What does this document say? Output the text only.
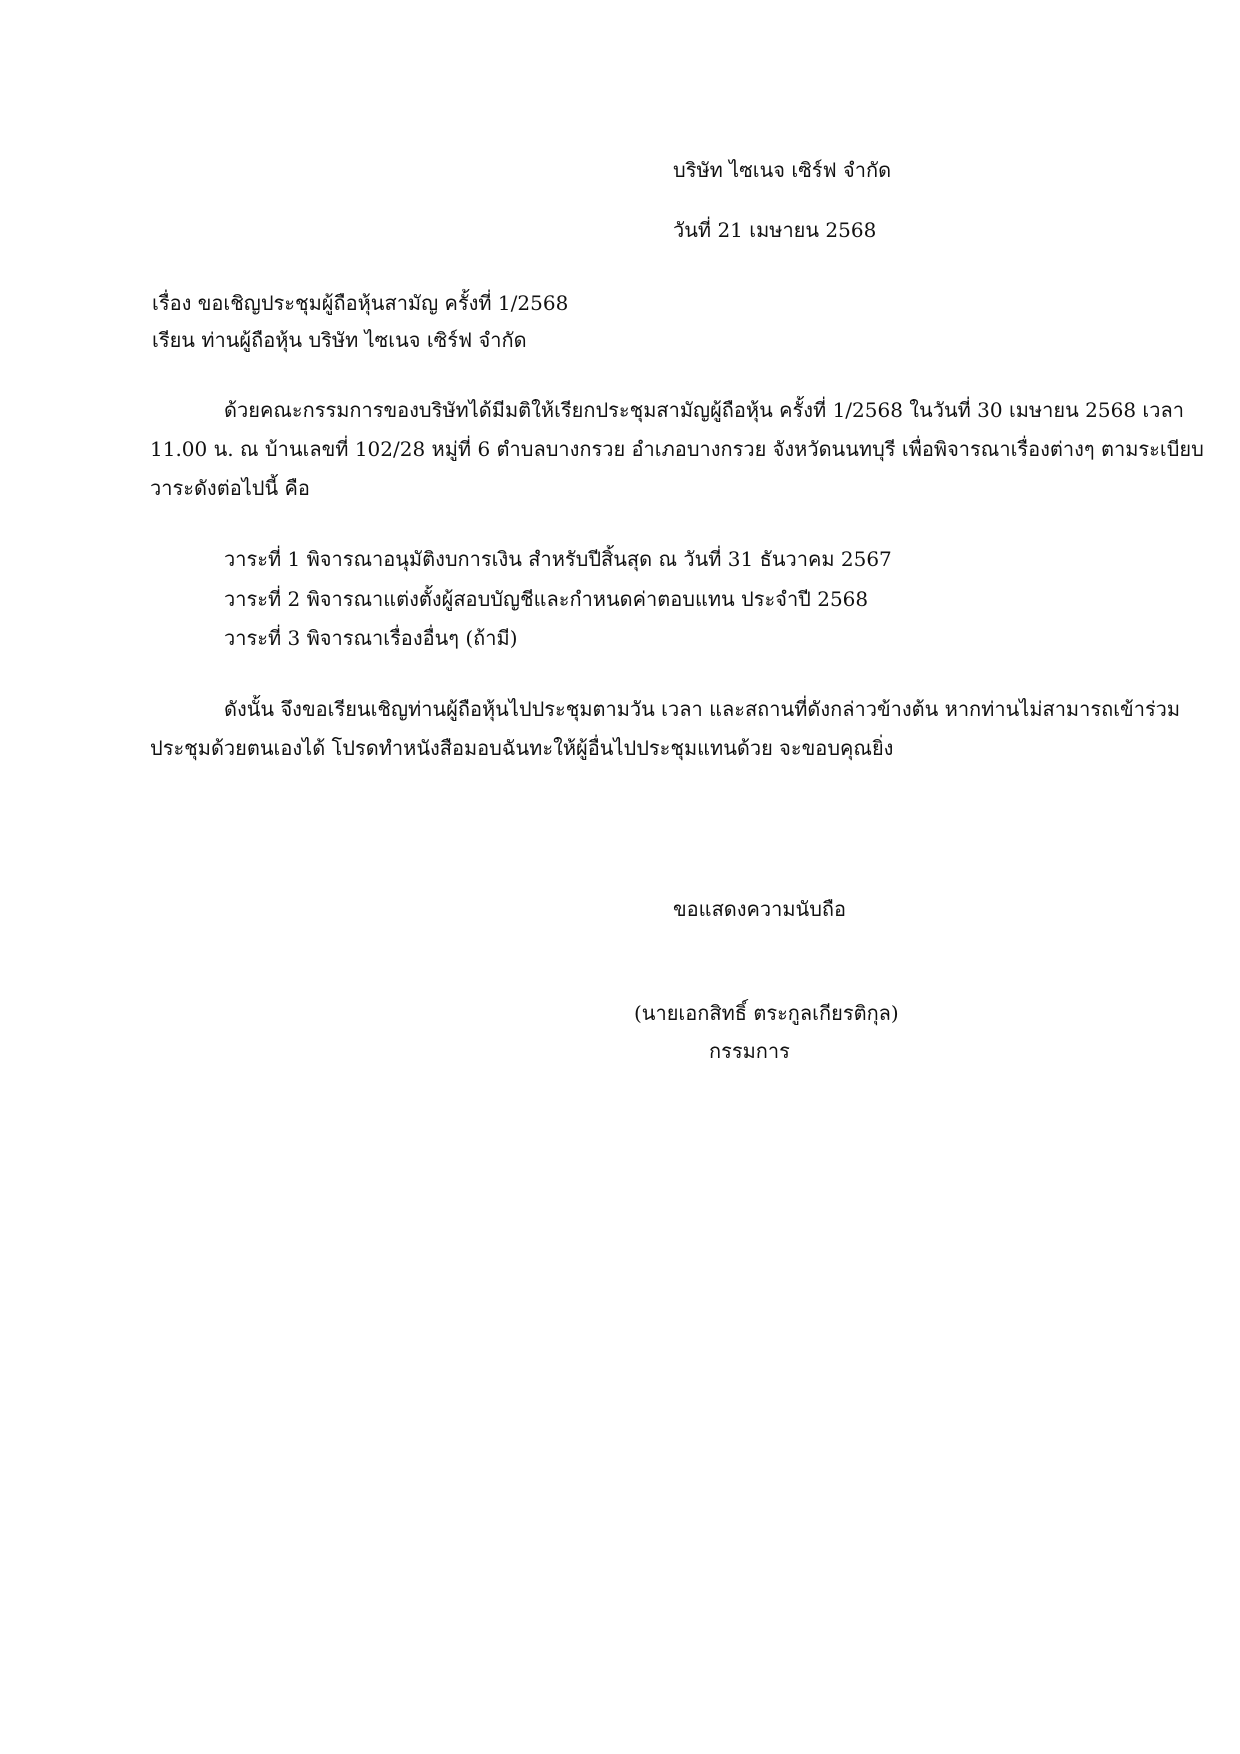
บริษัท ไซเนจ เซิร์ฟ จำกัด
วันที่ 21 เมษายน 2568
เรื่อง ขอเชิญประชุมผู้ถือหุ้นสามัญ ครั้งที่ 1/2568
เรียน ท่านผู้ถือหุ้น บริษัท ไซเนจ เซิร์ฟ จำกัด
ด้วยคณะกรรมการของบริษัทได้มีมติให้เรียกประชุมสามัญผู้ถือหุ้น ครั้งที่ 1/2568 ในวันที่ 30 เมษายน 2568 เวลา
11.00 น. ณ บ้านเลขที่ 102/28 หมู่ที่ 6 ตำบลบางกรวย อำเภอบางกรวย จังหวัดนนทบุรี เพื่อพิจารณาเรื่องต่างๆ ตามระเบียบ
วาระดังต่อไปนี้ คือ
วาระที่ 1 พิจารณาอนุมัติงบการเงิน สำหรับปีสิ้นสุด ณ วันที่ 31 ธันวาคม 2567
วาระที่ 2 พิจารณาแต่งตั้งผู้สอบบัญชีและกำหนดค่าตอบแทน ประจำปี 2568
วาระที่ 3 พิจารณาเรื่องอื่นๆ (ถ้ามี)
ดังนั้น จึงขอเรียนเชิญท่านผู้ถือหุ้นไปประชุมตามวัน เวลา และสถานที่ดังกล่าวข้างต้น หากท่านไม่สามารถเข้าร่วม
ประชุมด้วยตนเองได้ โปรดทำหนังสือมอบฉันทะให้ผู้อื่นไปประชุมแทนด้วย จะขอบคุณยิ่ง
ขอแสดงความนับถือ
(นายเอกสิทธิ์ ตระกูลเกียรติกุล)
กรรมการ
